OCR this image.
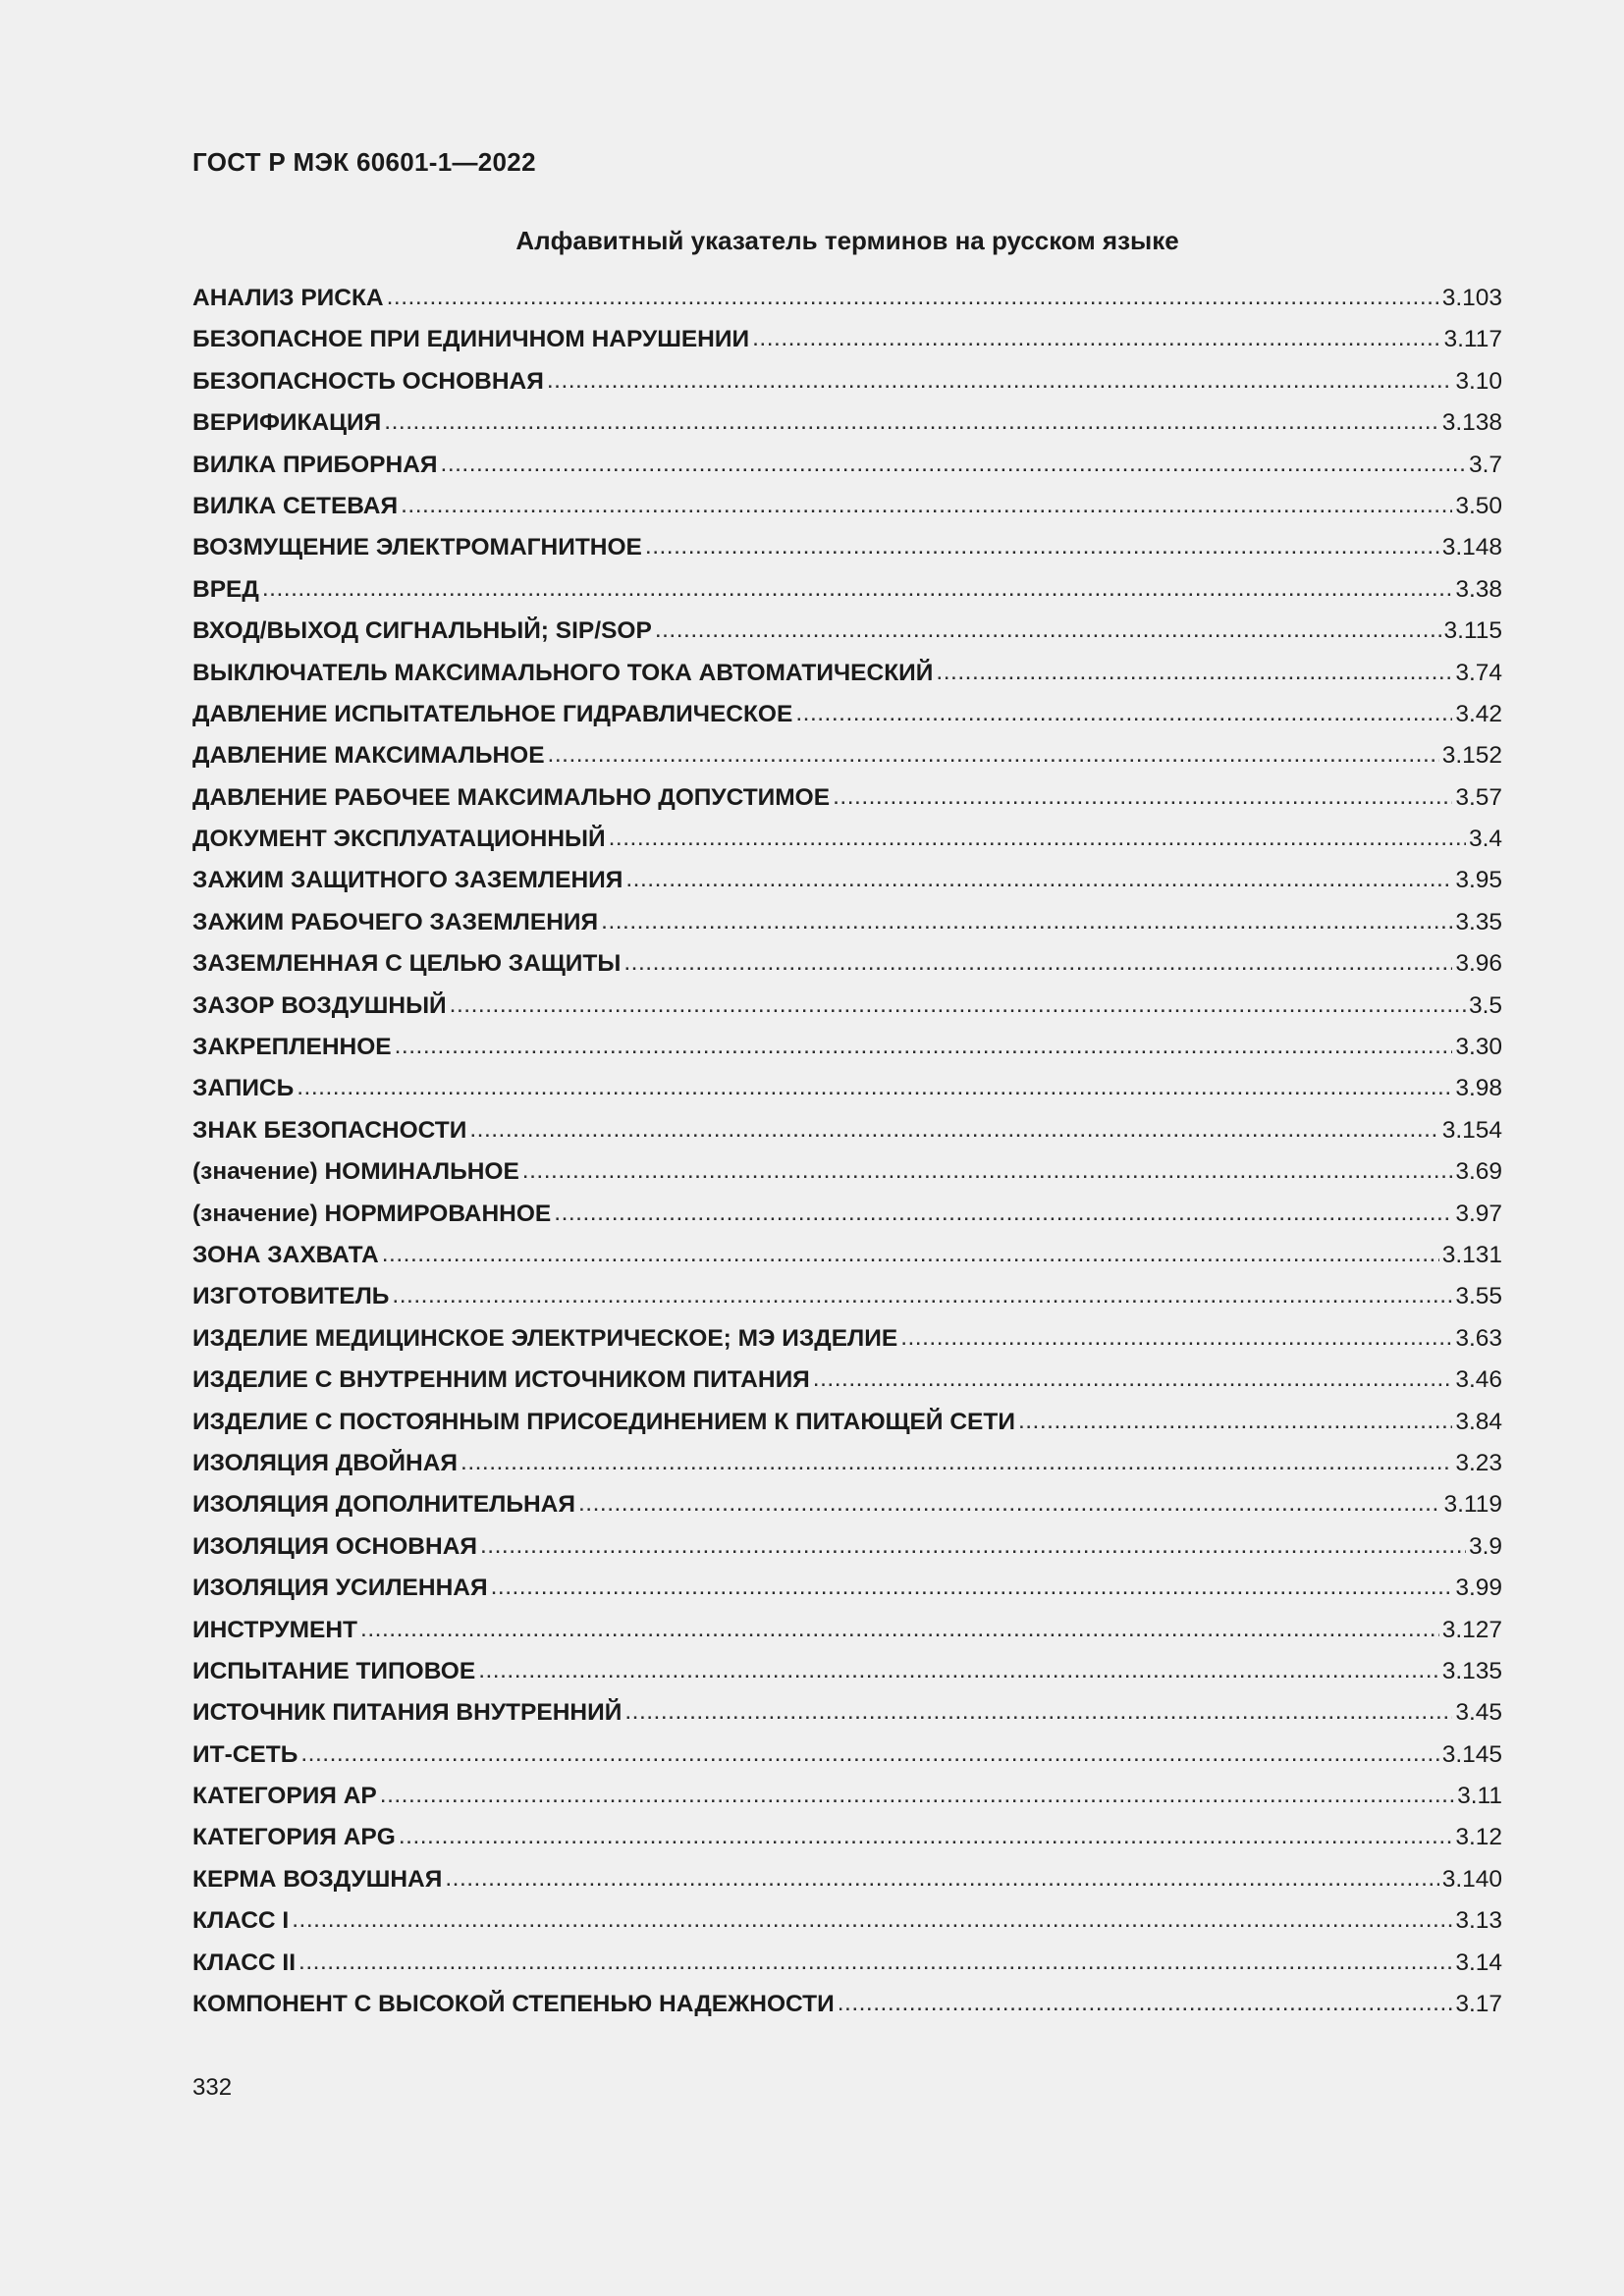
ГОСТ Р МЭК 60601-1—2022
Алфавитный указатель терминов на русском языке
АНАЛИЗ РИСКА .....	3.103
БЕЗОПАСНОЕ ПРИ ЕДИНИЧНОМ НАРУШЕНИИ .....	3.117
БЕЗОПАСНОСТЬ ОСНОВНАЯ .....	3.10
ВЕРИФИКАЦИЯ .....	3.138
ВИЛКА ПРИБОРНАЯ .....	3.7
ВИЛКА СЕТЕВАЯ .....	3.50
ВОЗМУЩЕНИЕ ЭЛЕКТРОМАГНИТНОЕ .....	3.148
ВРЕД .....	3.38
ВХОД/ВЫХОД СИГНАЛЬНЫЙ; SIP/SOP .....	3.115
ВЫКЛЮЧАТЕЛЬ МАКСИМАЛЬНОГО ТОКА АВТОМАТИЧЕСКИЙ .....	3.74
ДАВЛЕНИЕ ИСПЫТАТЕЛЬНОЕ ГИДРАВЛИЧЕСКОЕ .....	3.42
ДАВЛЕНИЕ МАКСИМАЛЬНОЕ .....	3.152
ДАВЛЕНИЕ РАБОЧЕЕ МАКСИМАЛЬНО ДОПУСТИМОЕ .....	3.57
ДОКУМЕНТ ЭКСПЛУАТАЦИОННЫЙ .....	3.4
ЗАЖИМ ЗАЩИТНОГО ЗАЗЕМЛЕНИЯ .....	3.95
ЗАЖИМ РАБОЧЕГО ЗАЗЕМЛЕНИЯ .....	3.35
ЗАЗЕМЛЕННАЯ С ЦЕЛЬЮ ЗАЩИТЫ .....	3.96
ЗАЗОР ВОЗДУШНЫЙ .....	3.5
ЗАКРЕПЛЕННОЕ .....	3.30
ЗАПИСЬ .....	3.98
ЗНАК БЕЗОПАСНОСТИ .....	3.154
(значение) НОМИНАЛЬНОЕ .....	3.69
(значение) НОРМИРОВАННОЕ .....	3.97
ЗОНА ЗАХВАТА .....	3.131
ИЗГОТОВИТЕЛЬ .....	3.55
ИЗДЕЛИЕ МЕДИЦИНСКОЕ ЭЛЕКТРИЧЕСКОЕ; МЭ ИЗДЕЛИЕ .....	3.63
ИЗДЕЛИЕ С ВНУТРЕННИМ ИСТОЧНИКОМ ПИТАНИЯ .....	3.46
ИЗДЕЛИЕ С ПОСТОЯННЫМ ПРИСОЕДИНЕНИЕМ К ПИТАЮЩЕЙ СЕТИ .....	3.84
ИЗОЛЯЦИЯ ДВОЙНАЯ .....	3.23
ИЗОЛЯЦИЯ ДОПОЛНИТЕЛЬНАЯ .....	3.119
ИЗОЛЯЦИЯ ОСНОВНАЯ .....	3.9
ИЗОЛЯЦИЯ УСИЛЕННАЯ .....	3.99
ИНСТРУМЕНТ .....	3.127
ИСПЫТАНИЕ ТИПОВОЕ .....	3.135
ИСТОЧНИК ПИТАНИЯ ВНУТРЕННИЙ .....	3.45
ИТ-СЕТЬ .....	3.145
КАТЕГОРИЯ АР .....	3.11
КАТЕГОРИЯ APG .....	3.12
КЕРМА ВОЗДУШНАЯ .....	3.140
КЛАСС I .....	3.13
КЛАСС II .....	3.14
КОМПОНЕНТ С ВЫСОКОЙ СТЕПЕНЬЮ НАДЕЖНОСТИ .....	3.17
332
